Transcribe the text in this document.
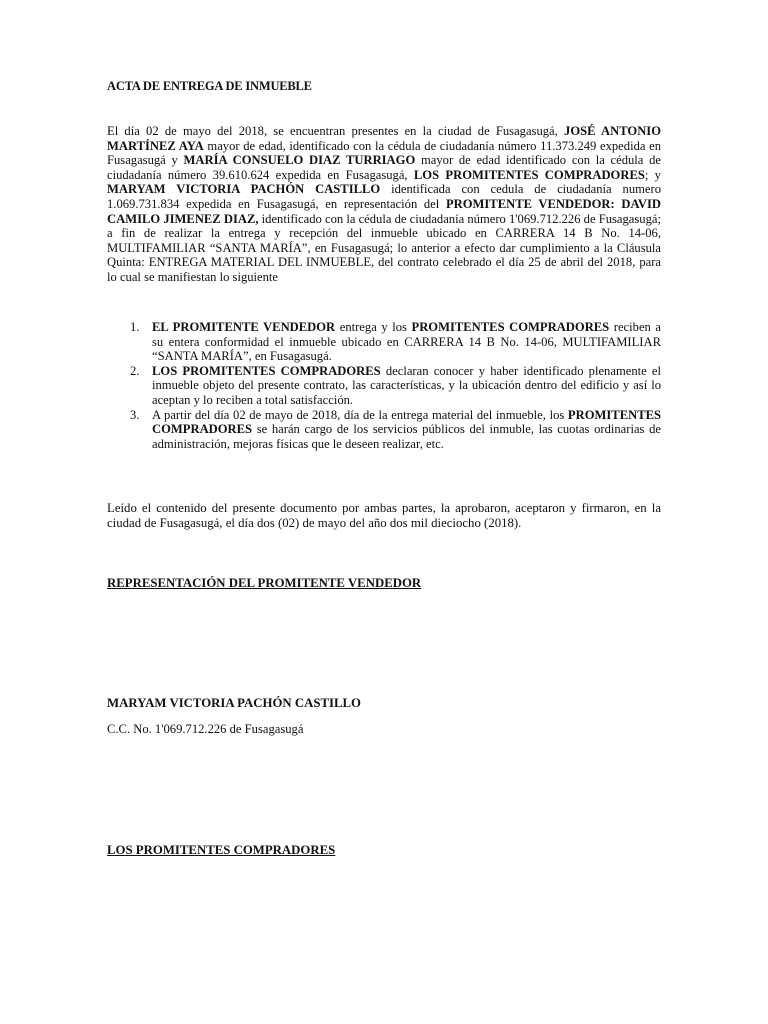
ACTA DE ENTREGA DE INMUEBLE
El día 02 de mayo del 2018, se encuentran presentes en la ciudad de Fusagasugá, JOSÉ ANTONIO MARTÍNEZ AYA mayor de edad, identificado con la cédula de ciudadanía número 11.373.249 expedida en Fusagasugá y MARÍA CONSUELO DIAZ TURRIAGO mayor de edad identificado con la cédula de ciudadanía número 39.610.624 expedida en Fusagasugá, LOS PROMITENTES COMPRADORES; y MARYAM VICTORIA PACHÓN CASTILLO identificada con cedula de ciudadanía numero 1.069.731.834 expedida en Fusagasugá, en representación del PROMITENTE VENDEDOR: DAVID CAMILO JIMENEZ DIAZ, identificado con la cédula de ciudadanía número 1'069.712.226 de Fusagasugá; a fin de realizar la entrega y recepción del inmueble ubicado en CARRERA 14 B No. 14-06, MULTIFAMILIAR “SANTA MARÍA”, en Fusagasugá; lo anterior a efecto dar cumplimiento a la Cláusula Quinta: ENTREGA MATERIAL DEL INMUEBLE, del contrato celebrado el día 25 de abril del 2018, para lo cual se manifiestan lo siguiente
1. EL PROMITENTE VENDEDOR entrega y los PROMITENTES COMPRADORES reciben a su entera conformidad el inmueble ubicado en CARRERA 14 B No. 14-06, MULTIFAMILIAR “SANTA MARÍA”, en Fusagasugá.
2. LOS PROMITENTES COMPRADORES declaran conocer y haber identificado plenamente el inmueble objeto del presente contrato, las características, y la ubicación dentro del edificio y así lo aceptan y lo reciben a total satisfacción.
3. A partir del día 02 de mayo de 2018, día de la entrega material del inmueble, los PROMITENTES COMPRADORES se harán cargo de los servicios públicos del inmuble, las cuotas ordinarias de administración, mejoras físicas que le deseen realizar, etc.
Leído el contenido del presente documento por ambas partes, la aprobaron, aceptaron y firmaron, en la ciudad de Fusagasugá, el día dos (02) de mayo del año dos mil dieciocho (2018).
REPRESENTACIÓN DEL PROMITENTE VENDEDOR
MARYAM VICTORIA PACHÓN CASTILLO
C.C. No. 1'069.712.226 de Fusagasugá
LOS PROMITENTES COMPRADORES
